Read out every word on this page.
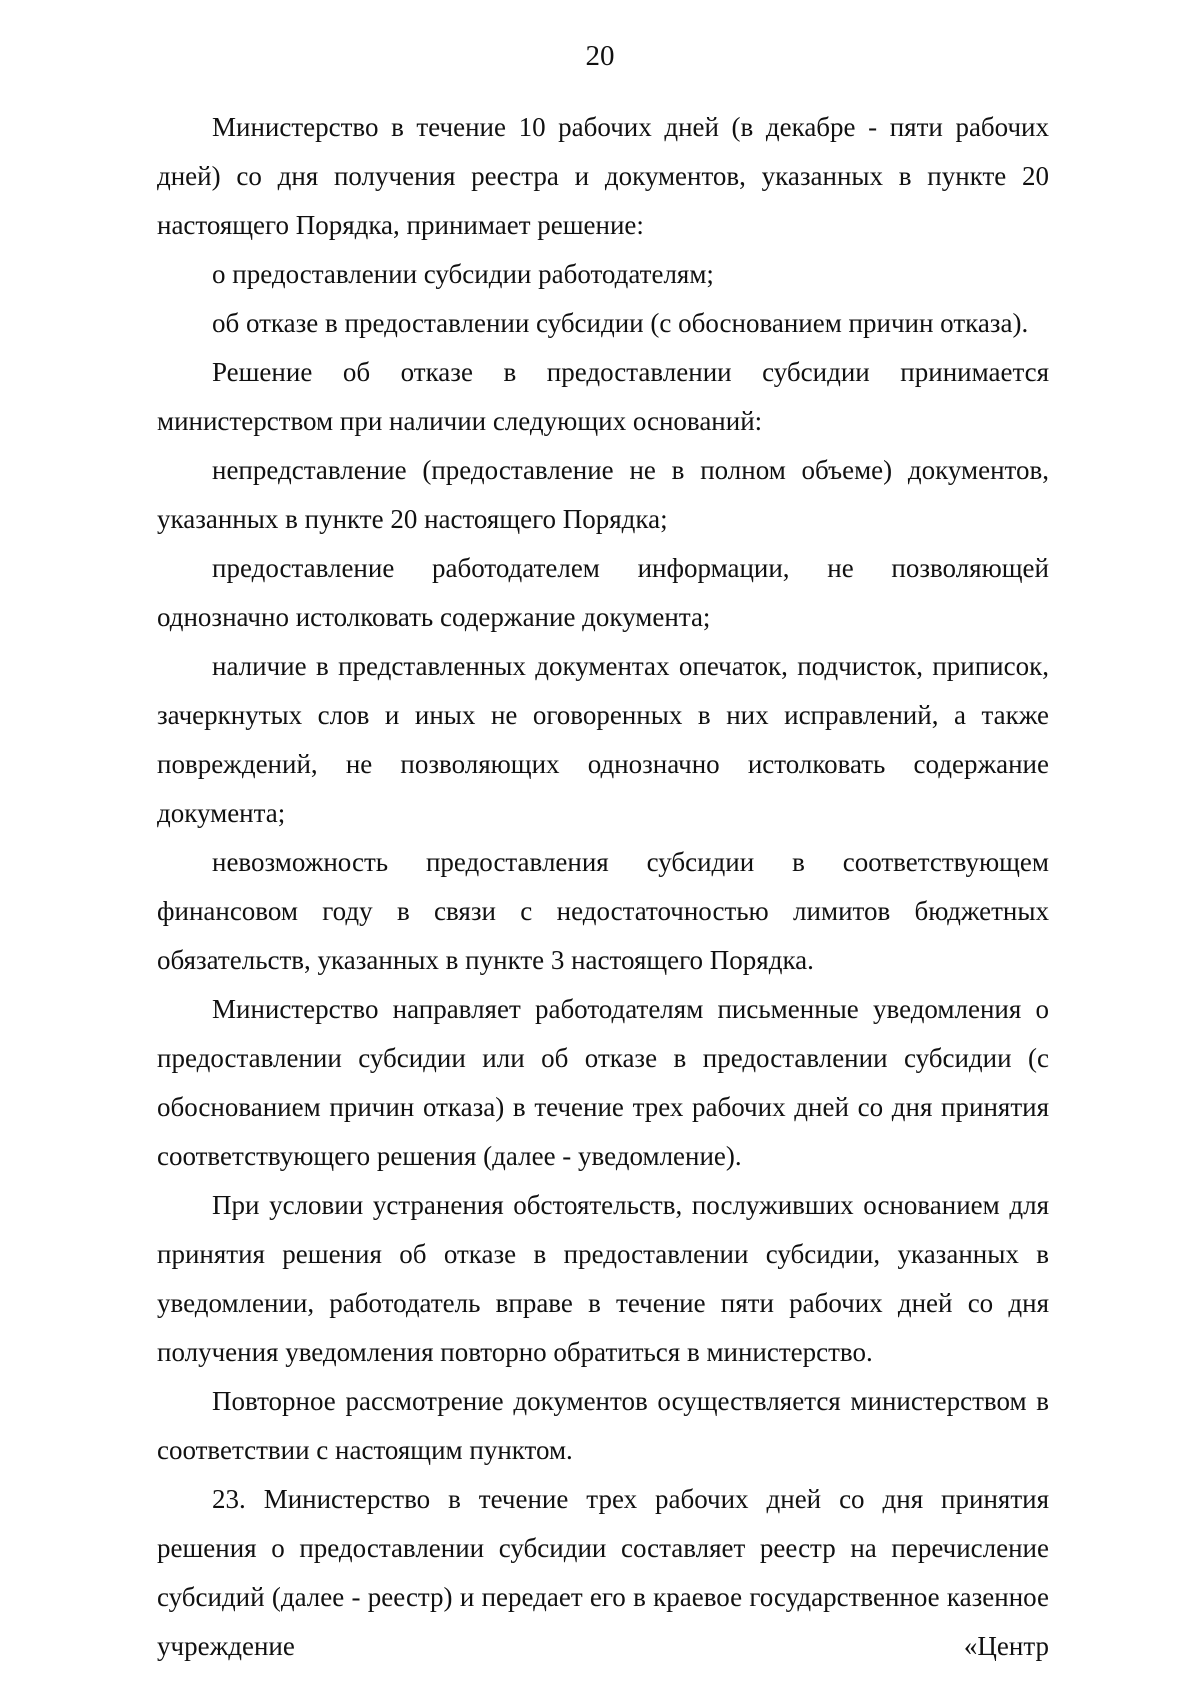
20

Министерство в течение 10 рабочих дней (в декабре - пяти рабочих дней) со дня получения реестра и документов, указанных в пункте 20 настоящего Порядка, принимает решение:

о предоставлении субсидии работодателям;

об отказе в предоставлении субсидии (с обоснованием причин отказа).

Решение об отказе в предоставлении субсидии принимается министерством при наличии следующих оснований:

непредставление (предоставление не в полном объеме) документов, указанных в пункте 20 настоящего Порядка;

предоставление работодателем информации, не позволяющей однозначно истолковать содержание документа;

наличие в представленных документах опечаток, подчисток, приписок, зачеркнутых слов и иных не оговоренных в них исправлений, а также повреждений, не позволяющих однозначно истолковать содержание документа;

невозможность предоставления субсидии в соответствующем финансовом году в связи с недостаточностью лимитов бюджетных обязательств, указанных в пункте 3 настоящего Порядка.

Министерство направляет работодателям письменные уведомления о предоставлении субсидии или об отказе в предоставлении субсидии (с обоснованием причин отказа) в течение трех рабочих дней со дня принятия соответствующего решения (далее - уведомление).

При условии устранения обстоятельств, послуживших основанием для принятия решения об отказе в предоставлении субсидии, указанных в уведомлении, работодатель вправе в течение пяти рабочих дней со дня получения уведомления повторно обратиться в министерство.

Повторное рассмотрение документов осуществляется министерством в соответствии с настоящим пунктом.

23. Министерство в течение трех рабочих дней со дня принятия решения о предоставлении субсидии составляет реестр на перечисление субсидий (далее - реестр) и передает его в краевое государственное казенное учреждение «Центр
